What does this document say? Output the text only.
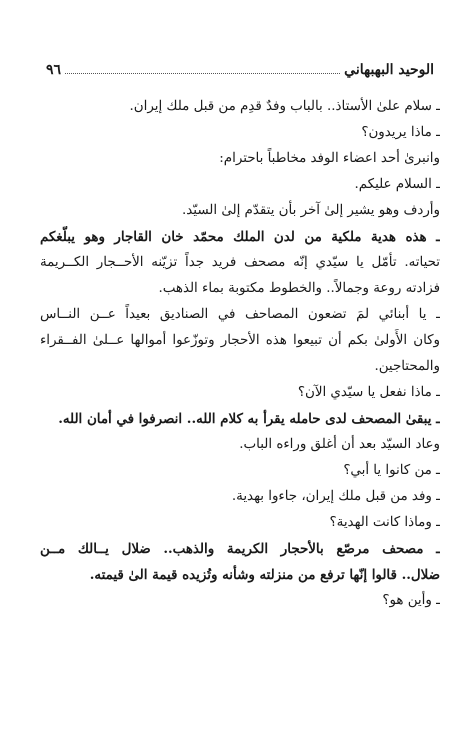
الوحيد البهبهاني
٩٦
ـ سلام علىٰ الأستاذ.. بالباب وفدٌ قدِم من قبل ملك إيران.
ـ ماذا يريدون؟
وانبرىٰ أحد اعضاء الوفد مخاطباً باحترام:
ـ السلام عليكم.
وأردف وهو يشير إلىٰ آخر بأن يتقدّم إلىٰ السيّد.
ـ هذه هدية ملكية من لدن الملك محمّد خان القاجار وهو يبلّغكم
تحياته. تأمّل يا سيّدي إنّه مصحف فريد جداً تزيّنه الأحــجار الكــريمة
فزادته روعة وجمالاً.. والخطوط مكتوبة بماء الذهب.
ـ يا أبنائي لمَ تضعون المصاحف في الصناديق بعيداً عــن النــاس
وكان الأَولىٰ بكم أن تبيعوا هذه الأحجار وتوزّعوا أموالها عــلىٰ الفــقراء
والمحتاجين.
ـ ماذا نفعل يا سيّدي الآن؟
ـ يبقىٰ المصحف لدى حامله يقرأ به كلام الله.. انصرفوا في أمان الله.
وعاد السيّد بعد أن أغلق وراءه الباب.
ـ من كانوا يا أبي؟
ـ وفد من قبل ملك إيران، جاءوا بهدية.
ـ وماذا كانت الهدية؟
ـ مصحف مرصّع بالأحجار الكريمة والذهب.. ضلال يــالك مــن
ضلال.. قالوا إنّها ترفع من منزلته وشأنه وتُزيده قيمة الىٰ قيمته.
ـ وأين هو؟
